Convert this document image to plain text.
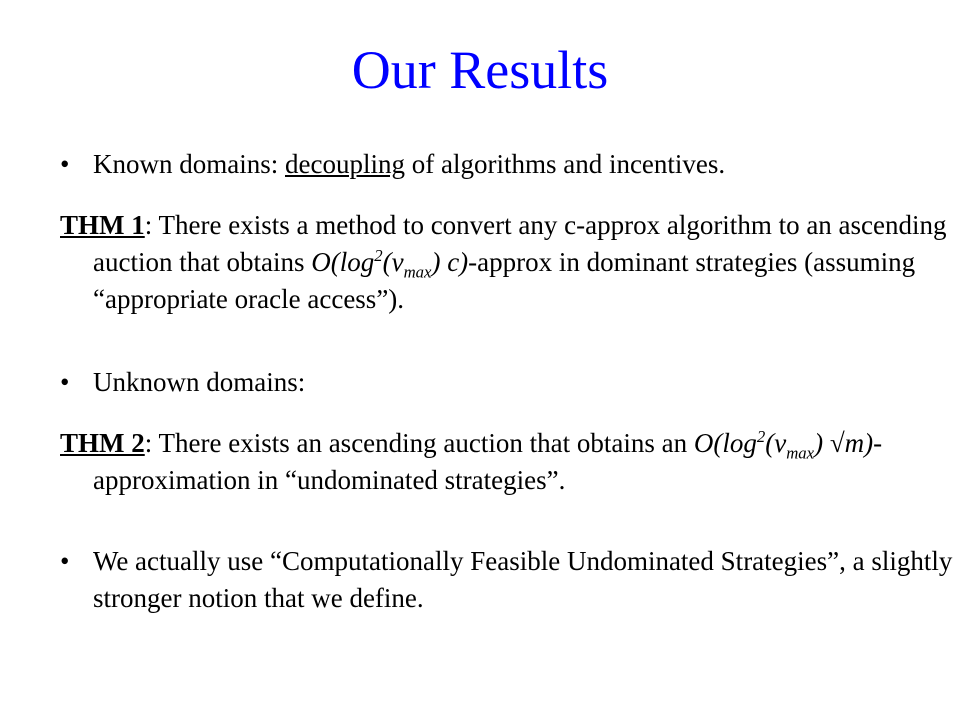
Our Results
• Known domains: decoupling of algorithms and incentives.
THM 1: There exists a method to convert any c-approx algorithm to an ascending auction that obtains $O(\log^2(v_{max})$ c)-approx in dominant strategies (assuming “appropriate oracle access”).
• Unknown domains:
THM 2: There exists an ascending auction that obtains an $O(\log^2(v_{max})$ √m)-approximation in “undominated strategies”.
• We actually use “Computationally Feasible Undominated Strategies”, a slightly stronger notion that we define.
